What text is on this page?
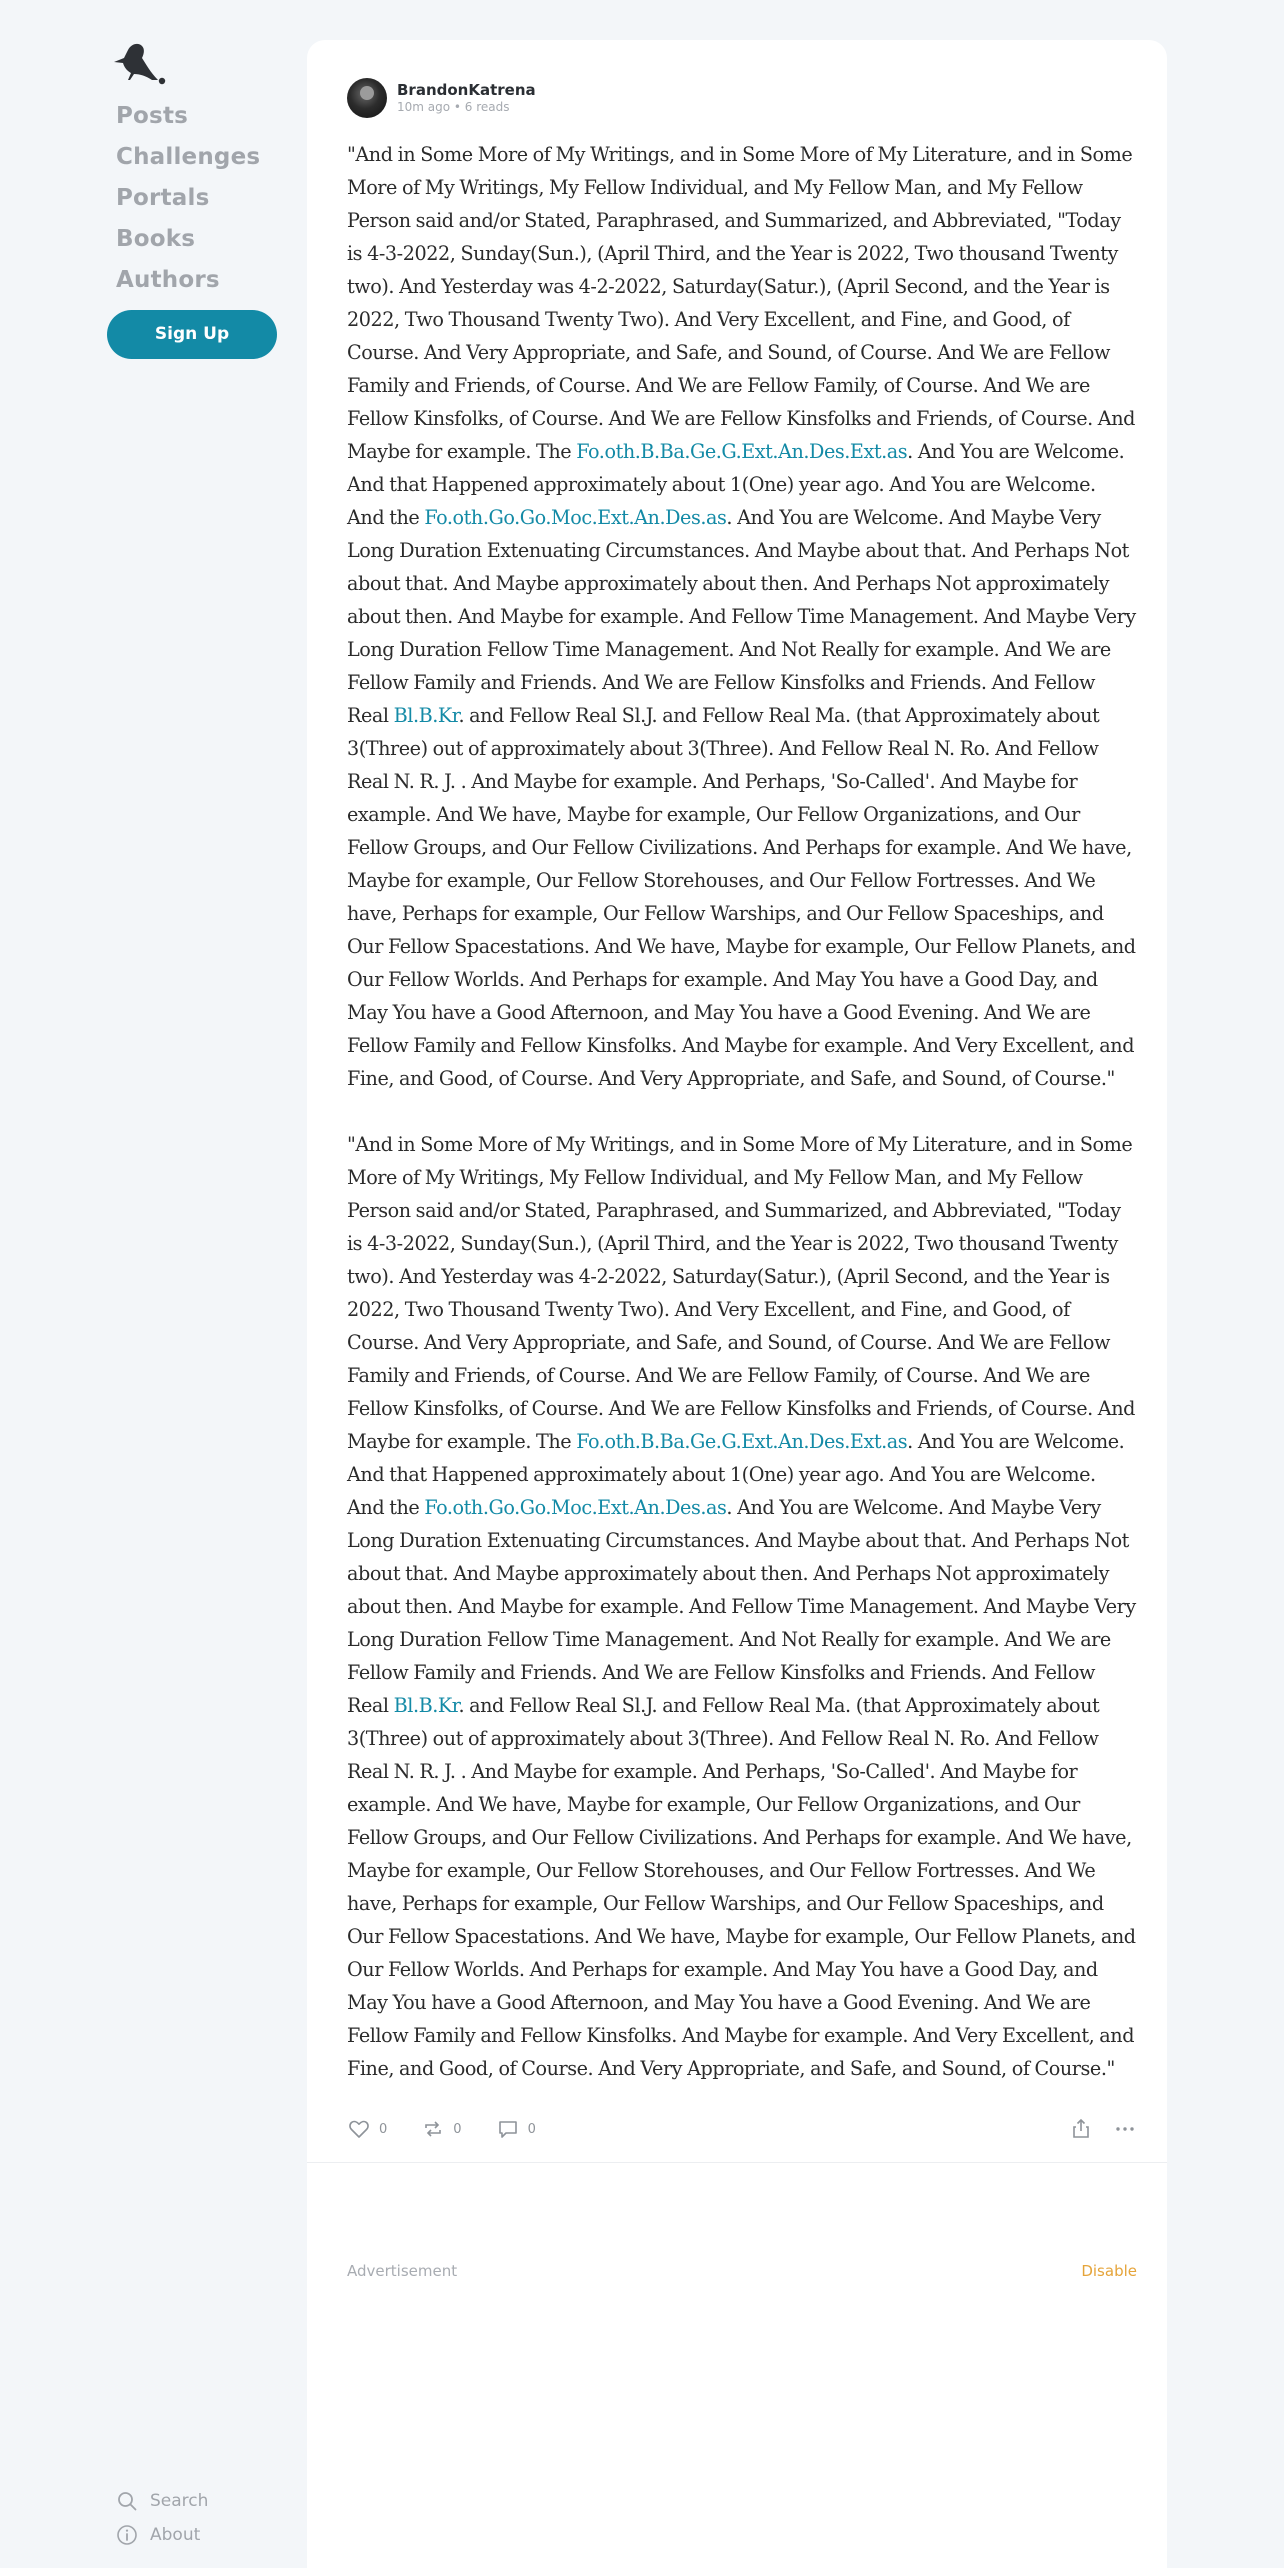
Posts
Challenges
Portals
Books
Authors
Sign Up
Search
About
BrandonKatrena
10m ago • 6 reads

"And in Some More of My Writings, and in Some More of My Literature, and in Some More of My Writings, My Fellow Individual, and My Fellow Man, and My Fellow Person said and/or Stated, Paraphrased, and Summarized, and Abbreviated, "Today is 4-3-2022, Sunday(Sun.), (April Third, and the Year is 2022, Two thousand Twenty two). And Yesterday was 4-2-2022, Saturday(Satur.), (April Second, and the Year is 2022, Two Thousand Twenty Two). And Very Excellent, and Fine, and Good, of Course. And Very Appropriate, and Safe, and Sound, of Course. And We are Fellow Family and Friends, of Course. And We are Fellow Family, of Course. And We are Fellow Kinsfolks, of Course. And We are Fellow Kinsfolks and Friends, of Course. And Maybe for example. The Fo.oth.B.Ba.Ge.G.Ext.An.Des.Ext.as. And You are Welcome. And that Happened approximately about 1(One) year ago. And You are Welcome. And the Fo.oth.Go.Go.Moc.Ext.An.Des.as. And You are Welcome. And Maybe Very Long Duration Extenuating Circumstances. And Maybe about that. And Perhaps Not about that. And Maybe approximately about then. And Perhaps Not approximately about then. And Maybe for example. And Fellow Time Management. And Maybe Very Long Duration Fellow Time Management. And Not Really for example. And We are Fellow Family and Friends. And We are Fellow Kinsfolks and Friends. And Fellow Real Bl.B.Kr. and Fellow Real Sl.J. and Fellow Real Ma. (that Approximately about 3(Three) out of approximately about 3(Three). And Fellow Real N. Ro. And Fellow Real N. R. J. . And Maybe for example. And Perhaps, 'So-Called'. And Maybe for example. And We have, Maybe for example, Our Fellow Organizations, and Our Fellow Groups, and Our Fellow Civilizations. And Perhaps for example. And We have, Maybe for example, Our Fellow Storehouses, and Our Fellow Fortresses. And We have, Perhaps for example, Our Fellow Warships, and Our Fellow Spaceships, and Our Fellow Spacestations. And We have, Maybe for example, Our Fellow Planets, and Our Fellow Worlds. And Perhaps for example. And May You have a Good Day, and May You have a Good Afternoon, and May You have a Good Evening. And We are Fellow Family and Fellow Kinsfolks. And Maybe for example. And Very Excellent, and Fine, and Good, of Course. And Very Appropriate, and Safe, and Sound, of Course."

"And in Some More of My Writings, and in Some More of My Literature, and in Some More of My Writings, My Fellow Individual, and My Fellow Man, and My Fellow Person said and/or Stated, Paraphrased, and Summarized, and Abbreviated, "Today is 4-3-2022, Sunday(Sun.), (April Third, and the Year is 2022, Two thousand Twenty two). And Yesterday was 4-2-2022, Saturday(Satur.), (April Second, and the Year is 2022, Two Thousand Twenty Two). And Very Excellent, and Fine, and Good, of Course. And Very Appropriate, and Safe, and Sound, of Course. And We are Fellow Family and Friends, of Course. And We are Fellow Family, of Course. And We are Fellow Kinsfolks, of Course. And We are Fellow Kinsfolks and Friends, of Course. And Maybe for example. The Fo.oth.B.Ba.Ge.G.Ext.An.Des.Ext.as. And You are Welcome. And that Happened approximately about 1(One) year ago. And You are Welcome. And the Fo.oth.Go.Go.Moc.Ext.An.Des.as. And You are Welcome. And Maybe Very Long Duration Extenuating Circumstances. And Maybe about that. And Perhaps Not about that. And Maybe approximately about then. And Perhaps Not approximately about then. And Maybe for example. And Fellow Time Management. And Maybe Very Long Duration Fellow Time Management. And Not Really for example. And We are Fellow Family and Friends. And We are Fellow Kinsfolks and Friends. And Fellow Real Bl.B.Kr. and Fellow Real Sl.J. and Fellow Real Ma. (that Approximately about 3(Three) out of approximately about 3(Three). And Fellow Real N. Ro. And Fellow Real N. R. J. . And Maybe for example. And Perhaps, 'So-Called'. And Maybe for example. And We have, Maybe for example, Our Fellow Organizations, and Our Fellow Groups, and Our Fellow Civilizations. And Perhaps for example. And We have, Maybe for example, Our Fellow Storehouses, and Our Fellow Fortresses. And We have, Perhaps for example, Our Fellow Warships, and Our Fellow Spaceships, and Our Fellow Spacestations. And We have, Maybe for example, Our Fellow Planets, and Our Fellow Worlds. And Perhaps for example. And May You have a Good Day, and May You have a Good Afternoon, and May You have a Good Evening. And We are Fellow Family and Fellow Kinsfolks. And Maybe for example. And Very Excellent, and Fine, and Good, of Course. And Very Appropriate, and Safe, and Sound, of Course."

0	0	0
Advertisement	Disable
